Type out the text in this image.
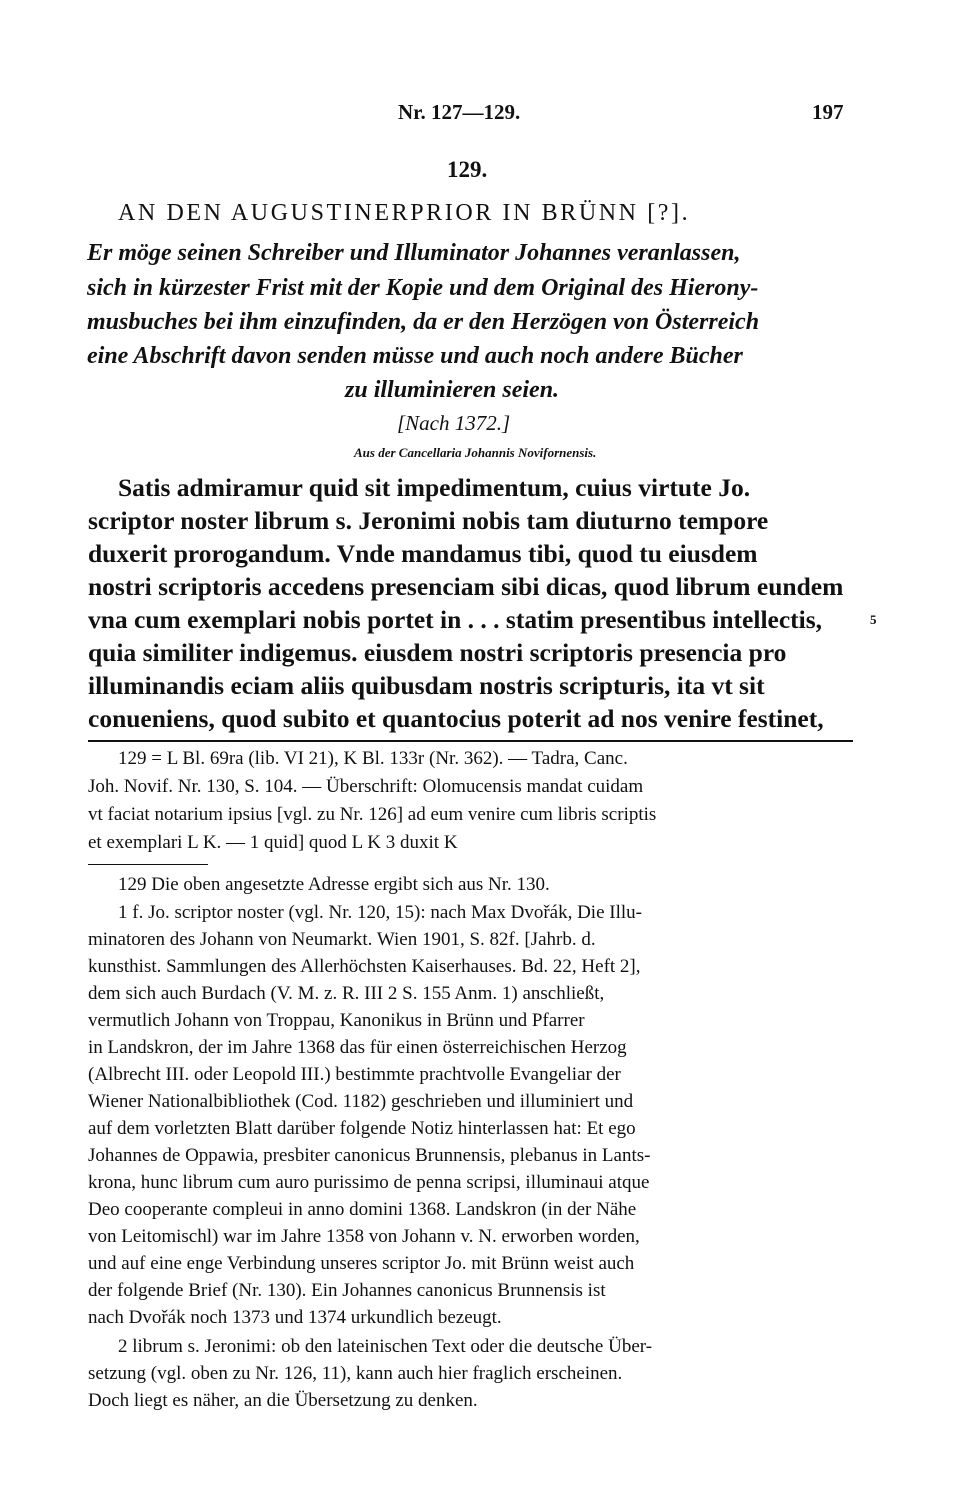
Nr. 127—129.	197
129.
AN DEN AUGUSTINERPRIOR IN BRÜNN [?].
Er möge seinen Schreiber und Illuminator Johannes veranlassen,
sich in kürzester Frist mit der Kopie und dem Original des Hierony-
musbuches bei ihm einzufinden, da er den Herzögen von Österreich
eine Abschrift davon senden müsse und auch noch andere Bücher
zu illuminieren seien.
[Nach 1372.]
Aus der Cancellaria Johannis Novifornensis.
Satis admiramur quid sit impedimentum, cuius virtute Jo.
scriptor noster librum s. Jeronimi nobis tam diuturno tempore
duxerit prorogandum. Vnde mandamus tibi, quod tu eiusdem
nostri scriptoris accedens presenciam sibi dicas, quod librum eundem
vna cum exemplari nobis portet in . . . statim presentibus intellectis,	5
quia similiter indigemus. eiusdem nostri scriptoris presencia pro
illuminandis eciam aliis quibusdam nostris scripturis, ita vt sit
conueniens, quod subito et quantocius poterit ad nos venire festinet,
129 = L Bl. 69ra (lib. VI 21), K Bl. 133r (Nr. 362). — Tadra, Canc.
Joh. Novif. Nr. 130, S. 104. — Überschrift: Olomucensis mandat cuidam
vt faciat notarium ipsius [vgl. zu Nr. 126] ad eum venire cum libris scriptis
et exemplari L K. — 1 quid] quod L K 3 duxit K
129 Die oben angesetzte Adresse ergibt sich aus Nr. 130.
1 f. Jo. scriptor noster (vgl. Nr. 120, 15): nach Max Dvořák, Die Illu-
minatoren des Johann von Neumarkt. Wien 1901, S. 82f. [Jahrb. d.
kunsthist. Sammlungen des Allerhöchsten Kaiserhauses. Bd. 22, Heft 2],
dem sich auch Burdach (V. M. z. R. III 2 S. 155 Anm. 1) anschließt,
vermutlich Johann von Troppau, Kanonikus in Brünn und Pfarrer
in Landskron, der im Jahre 1368 das für einen österreichischen Herzog
(Albrecht III. oder Leopold III.) bestimmte prachtvolle Evangeliar der
Wiener Nationalbibliothek (Cod. 1182) geschrieben und illuminiert und
auf dem vorletzten Blatt darüber folgende Notiz hinterlassen hat: Et ego
Johannes de Oppawia, presbiter canonicus Brunnensis, plebanus in Lants-
krona, hunc librum cum auro purissimo de penna scripsi, illuminaui atque
Deo cooperante compleui in anno domini 1368. Landskron (in der Nähe
von Leitomischl) war im Jahre 1358 von Johann v. N. erworben worden,
und auf eine enge Verbindung unseres scriptor Jo. mit Brünn weist auch
der folgende Brief (Nr. 130). Ein Johannes canonicus Brunnensis ist
nach Dvořák noch 1373 und 1374 urkundlich bezeugt.
2 librum s. Jeronimi: ob den lateinischen Text oder die deutsche Über-
setzung (vgl. oben zu Nr. 126, 11), kann auch hier fraglich erscheinen.
Doch liegt es näher, an die Übersetzung zu denken.
